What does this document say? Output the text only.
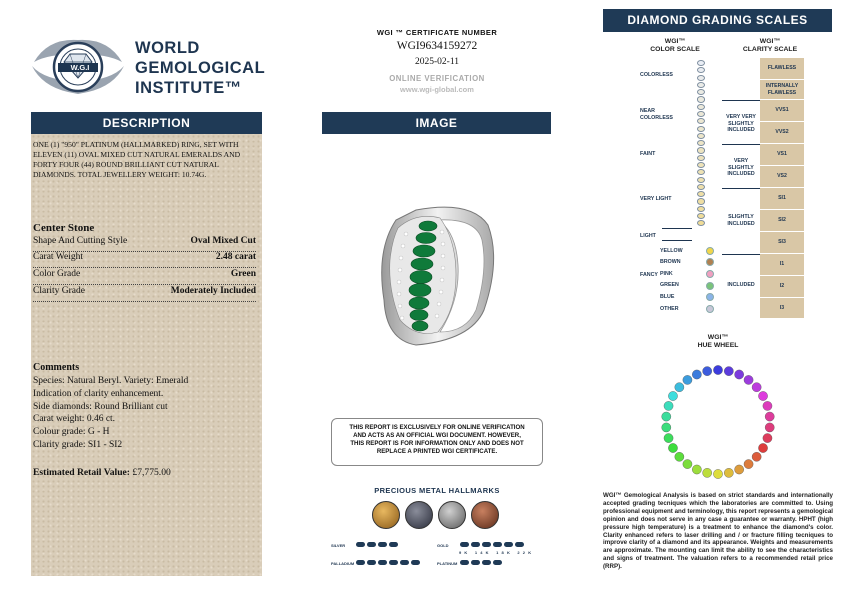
W.G.I
WORLD
GEMOLOGICAL
INSTITUTE™
DESCRIPTION
ONE (1) "950" PLATINUM (HALLMARKED) RING, SET WITH ELEVEN (11) OVAL MIXED CUT NATURAL EMERALDS AND FORTY FOUR (44) ROUND BRILLIANT CUT NATURAL DIAMONDS. TOTAL JEWELLERY WEIGHT: 10.74G.
Center Stone
Shape And Cutting Style	Oval Mixed Cut
Carat Weight	2.48 carat
Color Grade	Green
Clarity Grade	Moderately Included
Comments
Species: Natural Beryl. Variety: Emerald
Indication of clarity enhancement.
Side diamonds: Round Brilliant cut
Carat weight: 0.46 ct.
Colour grade: G - H
Clarity grade: SI1 - SI2
Estimated Retail Value: £7,775.00
WGI ™ CERTIFICATE NUMBER
WGI9634159272
2025-02-11
ONLINE VERIFICATION
www.wgi-global.com
IMAGE
THIS REPORT IS EXCLUSIVELY FOR ONLINE VERIFICATION AND ACTS AS AN OFFICIAL WGI DOCUMENT. HOWEVER, THIS REPORT IS FOR INFORMATION ONLY AND DOES NOT REPLACE A PRINTED WGI CERTIFICATE.
PRECIOUS METAL HALLMARKS
SILVER
PALLADIUM
GOLD
9K 14K 18K 22K
PLATINUM
DIAMOND GRADING SCALES
WGI™
COLOR SCALE
WGI™
CLARITY SCALE
COLORLESS
NEAR COLORLESS
FAINT
VERY LIGHT
LIGHT
FANCY
YELLOW
BROWN
PINK
GREEN
BLUE
OTHER
VERY VERY SLIGHTLY INCLUDED
VERY SLIGHTLY INCLUDED
SLIGHTLY INCLUDED
INCLUDED
FLAWLESS
INTERNALLY FLAWLESS
VVS1
VVS2
VS1
VS2
SI1
SI2
SI3
I1
I2
I3
WGI™
HUE WHEEL
WGI™ Gemological Analysis is based on strict standards and internationally accepted grading tecniques which the laboratories are committed to. Using professional equipment and terminology, this report represents a gemological opinion and does not serve in any case a guarantee or warranty. HPHT (high pressure high temperature) is a treatment to enhance the diamond's color. Clarity enhanced refers to laser drilling and / or fracture filling tecniques to improve clarity of a diamond and its appearance. Weights and measurements are approximate. The mounting can limit the ability to see the characteristics and signs of treatment. The valuation refers to a recommended retail price (RRP).
